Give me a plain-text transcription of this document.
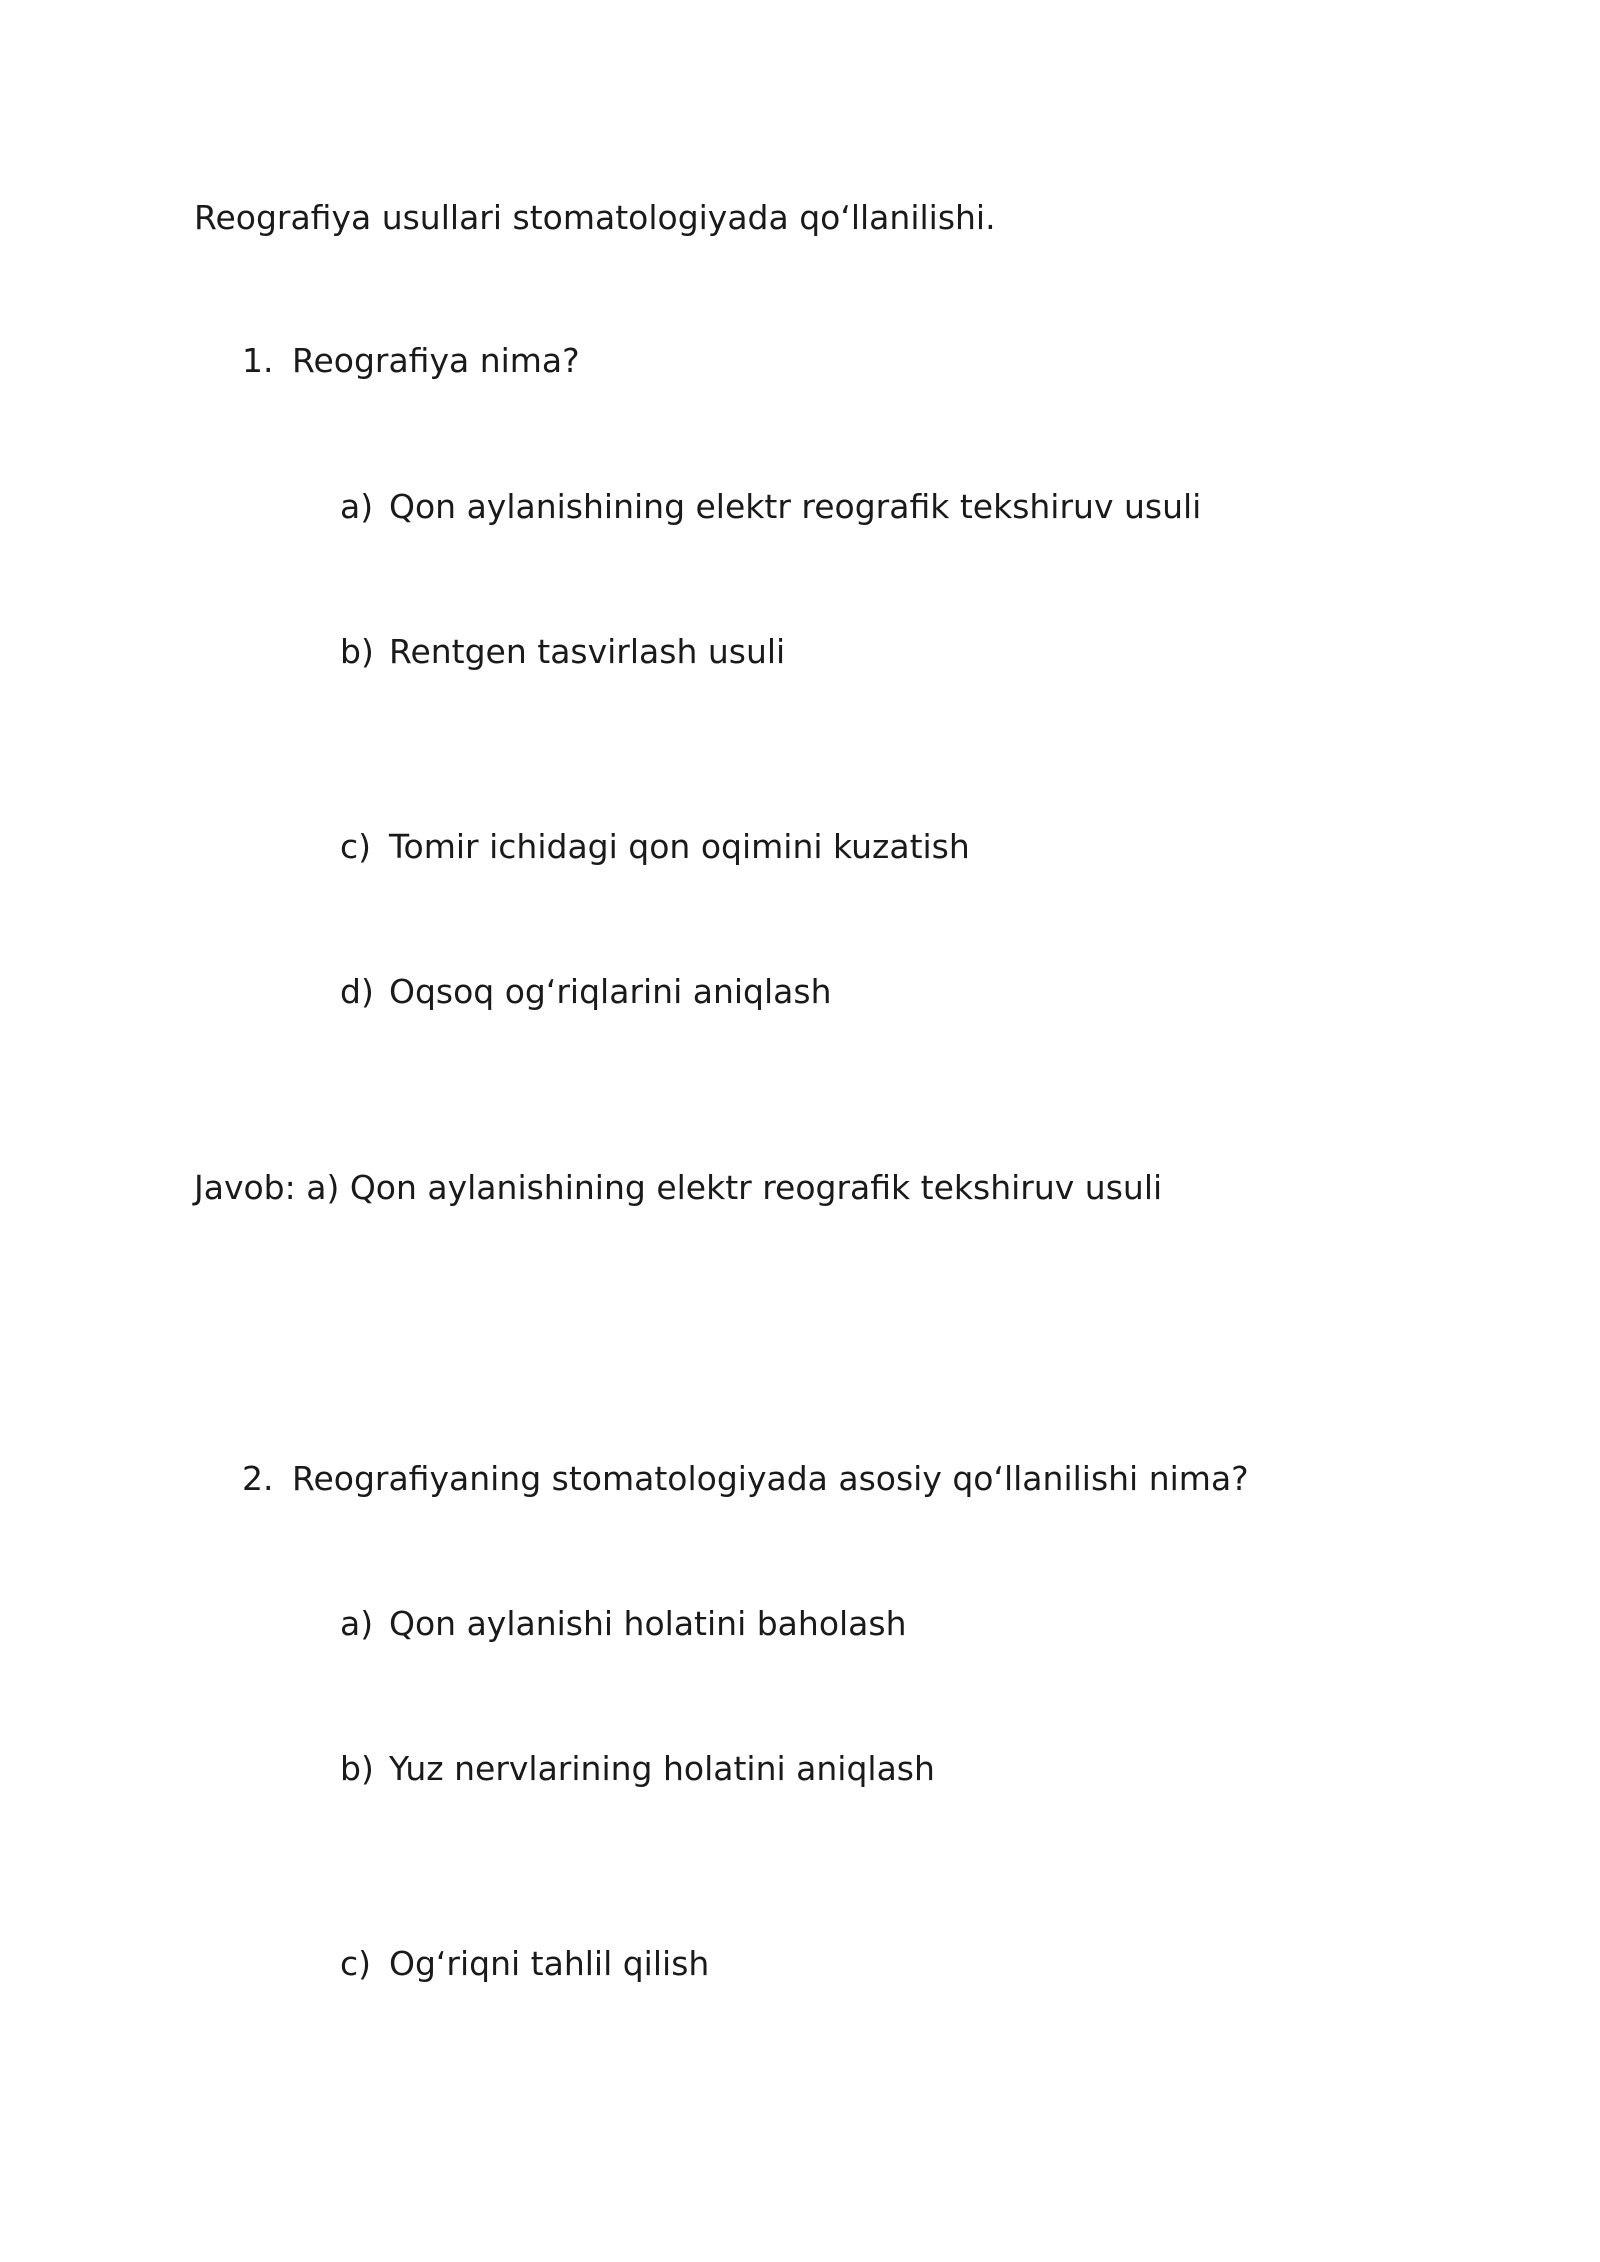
Reografiya usullari stomatologiyada qo‘llanilishi.
1. Reografiya nima?
a) Qon aylanishining elektr reografik tekshiruv usuli
b) Rentgen tasvirlash usuli
c) Tomir ichidagi qon oqimini kuzatish
d) Oqsoq og‘riqlarini aniqlash
Javob: a) Qon aylanishining elektr reografik tekshiruv usuli
2. Reografiyaning stomatologiyada asosiy qo‘llanilishi nima?
a) Qon aylanishi holatini baholash
b) Yuz nervlarining holatini aniqlash
c) Og‘riqni tahlil qilish
